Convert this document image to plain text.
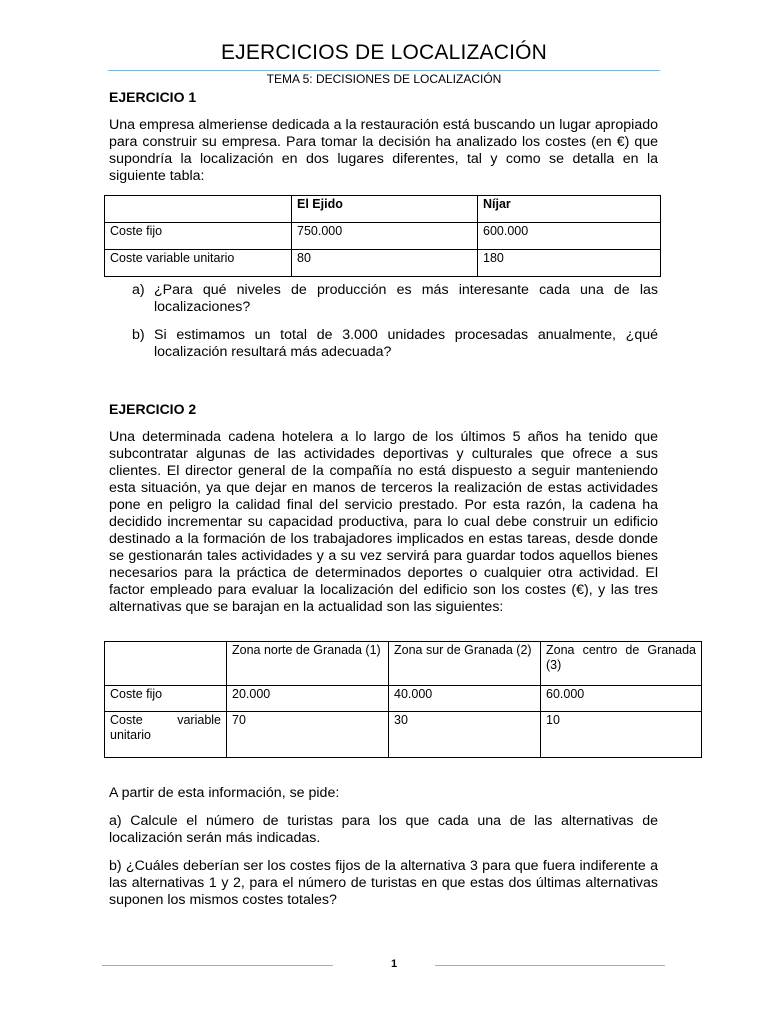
EJERCICIOS DE LOCALIZACIÓN
TEMA 5: DECISIONES DE LOCALIZACIÓN
EJERCICIO 1

Una empresa almeriense dedicada a la restauración está buscando un lugar apropiado para construir su empresa. Para tomar la decisión ha analizado los costes (en €) que supondría la localización en dos lugares diferentes, tal y como se detalla en la siguiente tabla:

	El Ejido	Níjar
Coste fijo	750.000	600.000
Coste variable unitario	80	180
a) ¿Para qué niveles de producción es más interesante cada una de las localizaciones?
b) Si estimamos un total de 3.000 unidades procesadas anualmente, ¿qué localización resultará más adecuada?
EJERCICIO 2

Una determinada cadena hotelera a lo largo de los últimos 5 años ha tenido que subcontratar algunas de las actividades deportivas y culturales que ofrece a sus clientes. El director general de la compañía no está dispuesto a seguir manteniendo esta situación, ya que dejar en manos de terceros la realización de estas actividades pone en peligro la calidad final del servicio prestado. Por esta razón, la cadena ha decidido incrementar su capacidad productiva, para lo cual debe construir un edificio destinado a la formación de los trabajadores implicados en estas tareas, desde donde se gestionarán tales actividades y a su vez servirá para guardar todos aquellos bienes necesarios para la práctica de determinados deportes o cualquier otra actividad. El factor empleado para evaluar la localización del edificio son los costes (€), y las tres alternativas que se barajan en la actualidad son las siguientes:

	Zona norte de Granada (1)	Zona sur de Granada (2)	Zona centro de Granada (3)
Coste fijo	20.000	40.000	60.000
Coste variable unitario	70	30	10

A partir de esta información, se pide:

a) Calcule el número de turistas para los que cada una de las alternativas de localización serán más indicadas.

b) ¿Cuáles deberían ser los costes fijos de la alternativa 3 para que fuera indiferente a las alternativas 1 y 2, para el número de turistas en que estas dos últimas alternativas suponen los mismos costes totales?

1
